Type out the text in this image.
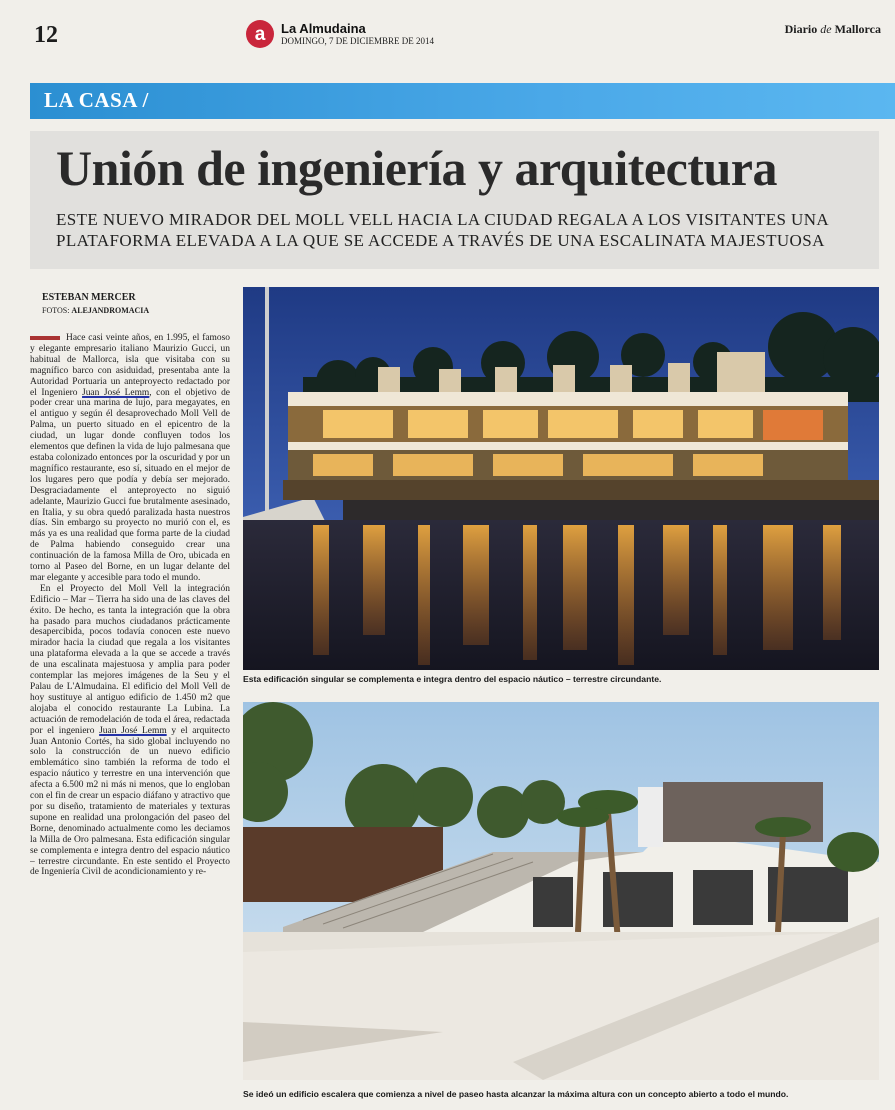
12	a	La Almudaina
DOMINGO, 7 DE DICIEMBRE DE 2014
Diario de Mallorca
LA CASA /
Unión de ingeniería y arquitectura
ESTE NUEVO MIRADOR DEL MOLL VELL HACIA LA CIUDAD REGALA A LOS VISITANTES UNA PLATAFORMA ELEVADA A LA QUE SE ACCEDE A TRAVÉS DE UNA ESCALINATA MAJESTUOSA
ESTEBAN MERCER
FOTOS: ALEJANDROMACIA

Hace casi veinte años, en 1.995, el famoso y elegante empresario italiano Maurizio Gucci, un habitual de Mallorca, isla que visitaba con su magnífico barco con asiduidad, presentaba ante la Autoridad Portuaria un anteproyecto redactado por el Ingeniero Juan José Lemm, con el objetivo de poder crear una marina de lujo, para megayates, en el antiguo y según él desaprovechado Moll Vell de Palma, un puerto situado en el epicentro de la ciudad, un lugar donde confluyen todos los elementos que definen la vida de lujo palmesana que estaba colonizado entonces por la oscuridad y por un magnífico restaurante, eso sí, situado en el mejor de los lugares pero que podía y debía ser mejorado. Desgraciadamente el anteproyecto no siguió adelante, Maurizio Gucci fue brutalmente asesinado, en Italia, y su obra quedó paralizada hasta nuestros días. Sin embargo su proyecto no murió con el, es más ya es una realidad que forma parte de la ciudad de Palma habiendo conseguido crear una continuación de la famosa Milla de Oro, ubicada en torno al Paseo del Borne, en un lugar delante del mar elegante y accesible para todo el mundo.

En el Proyecto del Moll Vell la integración Edificio – Mar – Tierra ha sido una de las claves del éxito. De hecho, es tanta la integración que la obra ha pasado para muchos ciudadanos prácticamente desapercibida, pocos todavía conocen este nuevo mirador hacia la ciudad que regala a los visitantes una plataforma elevada a la que se accede a través de una escalinata majestuosa y amplia para poder contemplar las mejores imágenes de la Seu y el Palau de L'Almudaina. El edificio del Moll Vell de hoy sustituye al antiguo edificio de 1.450 m2 que alojaba el conocido restaurante La Lubina. La actuación de remodelación de toda el área, redactada por el ingeniero Juan José Lemm y el arquitecto Juan Antonio Cortés, ha sido global incluyendo no solo la construcción de un nuevo edificio emblemático sino también la reforma de todo el espacio náutico y terrestre en una intervención que afecta a 6.500 m2 ni más ni menos, que lo engloban con el fin de crear un espacio diáfano y atractivo que por su diseño, tratamiento de materiales y texturas supone en realidad una prolongación del paseo del Borne, denominado actualmente como les deciamos la Milla de Oro palmesana. Esta edificación singular se complementa e integra dentro del espacio náutico – terrestre circundante. En este sentido el Proyecto de Ingeniería Civil de acondicionamiento y re-

Esta edificación singular se complementa e integra dentro del espacio náutico – terrestre circundante.
Se ideó un edificio escalera que comienza a nivel de paseo hasta alcanzar la máxima altura con un concepto abierto a todo el mundo.
